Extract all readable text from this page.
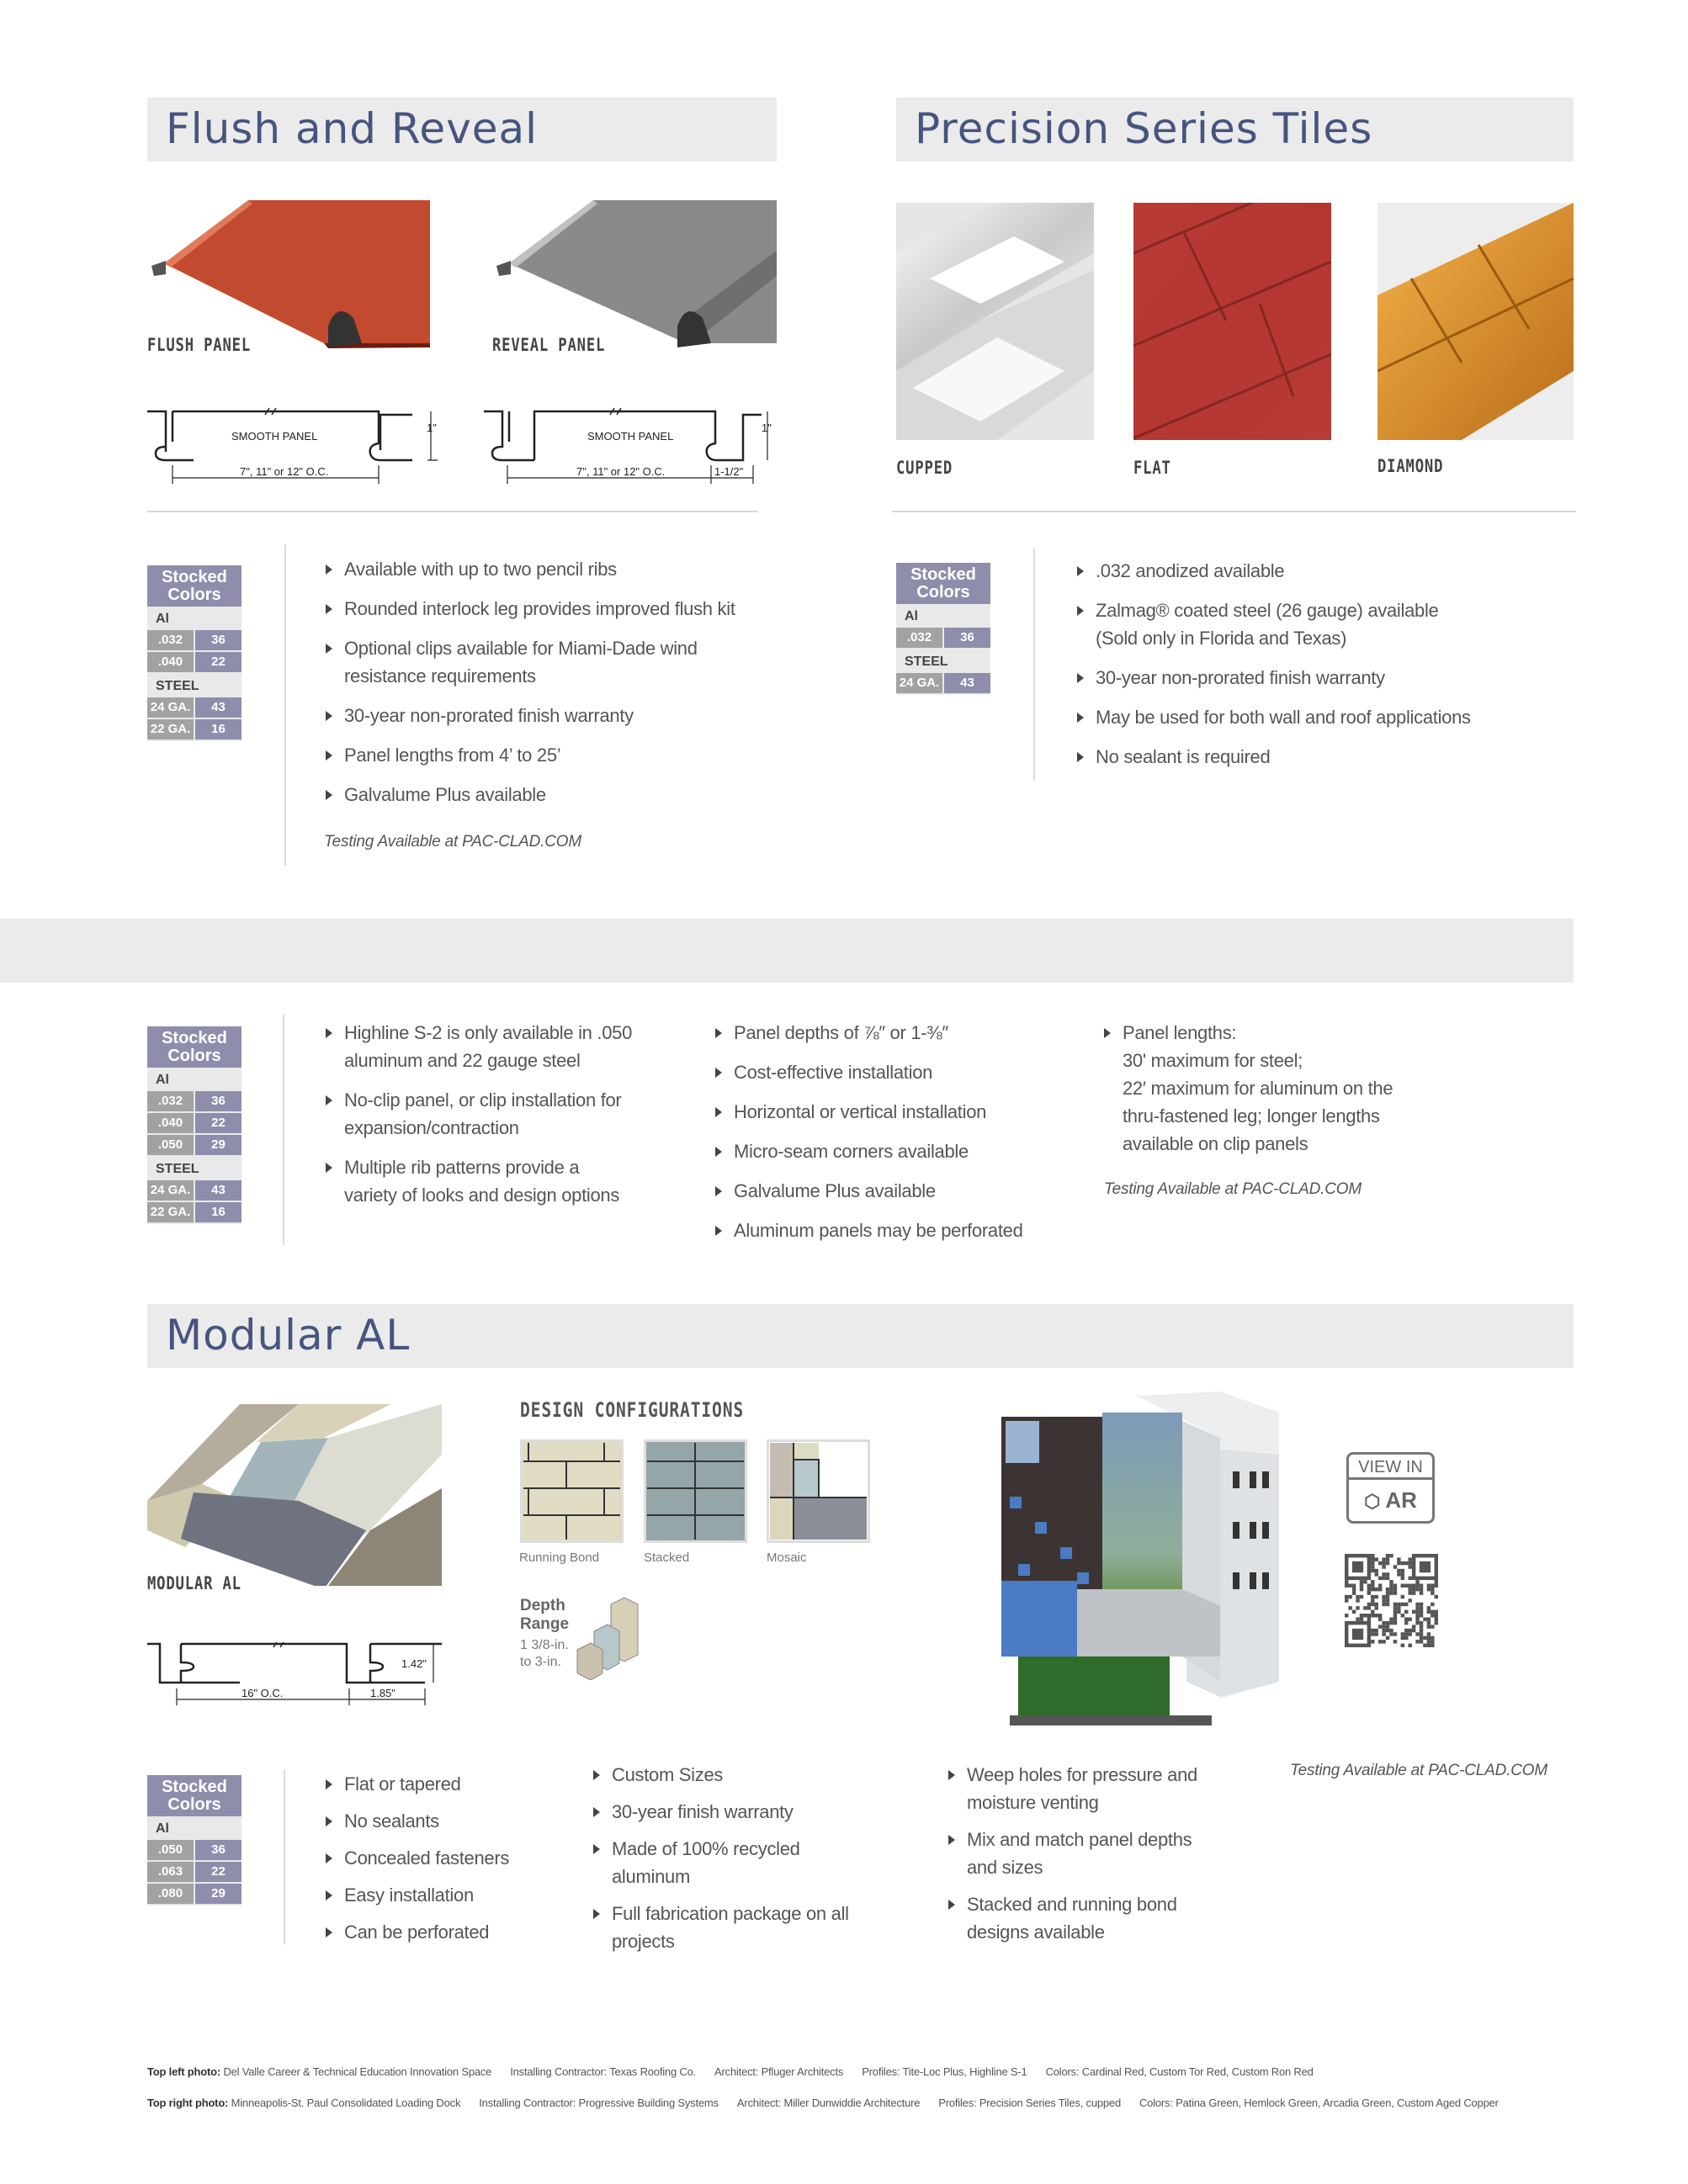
Flush and Reveal
FLUSH PANEL	REVEAL PANEL
SMOOTH PANEL
7", 11" or 12" O.C.
1"
SMOOTH PANEL
7", 11" or 12" O.C.	1-1/2"
1"
Stocked
Colors
Al
.032	36
.040	22
STEEL
24 GA.	43
22 GA.	16
Available with up to two pencil ribs
Rounded interlock leg provides improved flush kit
Optional clips available for Miami-Dade wind
resistance requirements
30-year non-prorated finish warranty
Panel lengths from 4’ to 25’
Galvalume Plus available
Testing Available at PAC-CLAD.COM
Precision Series Tiles
CUPPED	FLAT	DIAMOND
Stocked
Colors
Al
.032	36
STEEL
24 GA.	43
.032 anodized available
Zalmag® coated steel (26 gauge) available
(Sold only in Florida and Texas)
30-year non-prorated finish warranty
May be used for both wall and roof applications
No sealant is required
Stocked
Colors
Al
.032	36
.040	22
.050	29
STEEL
24 GA.	43
22 GA.	16
Highline S-2 is only available in .050
aluminum and 22 gauge steel
No-clip panel, or clip installation for
expansion/contraction
Multiple rib patterns provide a
variety of looks and design options
Panel depths of ⅞″ or 1-⅜″
Cost-effective installation
Horizontal or vertical installation
Micro-seam corners available
Galvalume Plus available
Aluminum panels may be perforated
Panel lengths:
30' maximum for steel;
22′ maximum for aluminum on the
thru-fastened leg; longer lengths
available on clip panels
Testing Available at PAC-CLAD.COM
Modular AL
MODULAR AL
1.42"
16" O.C.	1.85"
DESIGN CONFIGURATIONS
Running Bond	Stacked	Mosaic
Depth
Range
1 3/8-in.
to 3-in.
VIEW IN
⬡ AR
Stocked
Colors
Al
.050	36
.063	22
.080	29
Flat or tapered
No sealants
Concealed fasteners
Easy installation
Can be perforated
Custom Sizes
30-year finish warranty
Made of 100% recycled
aluminum
Full fabrication package on all
projects
Weep holes for pressure and
moisture venting
Mix and match panel depths
and sizes
Stacked and running bond
designs available
Testing Available at PAC-CLAD.COM
Top left photo: Del Valle Career & Technical Education Innovation Space Installing Contractor: Texas Roofing Co. Architect: Pfluger Architects Profiles: Tite-Loc Plus, Highline S-1 Colors: Cardinal Red, Custom Tor Red, Custom Ron Red
Top right photo: Minneapolis-St. Paul Consolidated Loading Dock Installing Contractor: Progressive Building Systems Architect: Miller Dunwiddie Architecture Profiles: Precision Series Tiles, cupped Colors: Patina Green, Hemlock Green, Arcadia Green, Custom Aged Copper
